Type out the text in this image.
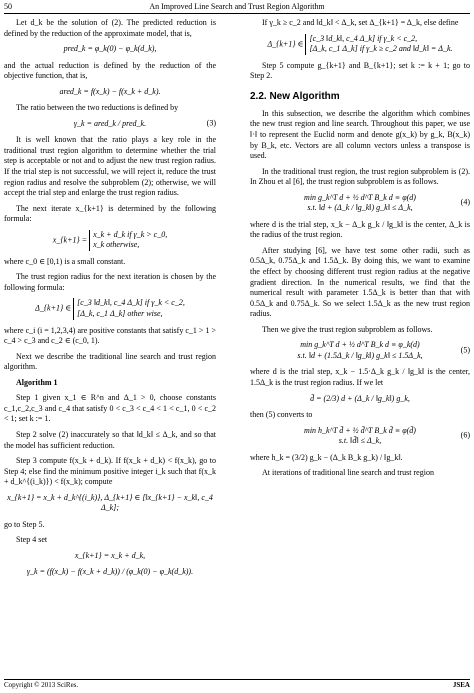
50	An Improved Line Search and Trust Region Algorithm

Let d_k be the solution of (2). The predicted reduction is defined by the reduction of the approximate model, that is,

pred_k = φ_k(0) − φ_k(d_k),

and the actual reduction is defined by the reduction of the objective function, that is,

ared_k = f(x_k) − f(x_k + d_k).

The ratio between the two reductions is defined by

γ_k = ared_k / pred_k.	(3)

It is well known that the ratio plays a key role in the traditional trust region algorithm to determine whether the trial step is acceptable or not and to adjust the new trust region radius. If the trial step is not successful, we will reject it, reduce the trust region radius and resolve the subproblem (2); otherwise, we will accept the trial step and enlarge the trust region radius.

The next iterate x_{k+1} is determined by the following formula:

x_{k+1} =
x_k + d_k if γ_k > c_0,
x_k otherwise,

where c_0 ∈ [0,1) is a small constant.

The trust region radius for the next iteration is chosen by the following formula:

Δ_{k+1} ∈
[c_3 ‖d_k‖, c_4 Δ_k] if γ_k < c_2,
[Δ_k, c_1 Δ_k] other wise,

where c_i (i = 1,2,3,4) are positive constants that satisfy c_1 > 1 > c_4 > c_3 and c_2 ∈ (c_0, 1).

Next we describe the traditional line search and trust region algorithm.

Algorithm 1

Step 1 given x_1 ∈ R^n and Δ_1 > 0, choose constants c_1,c_2,c_3 and c_4 that satisfy 0 < c_3 < c_4 < 1 < c_1, 0 < c_2 < 1; set k := 1.

Step 2 solve (2) inaccurately so that ‖d_k‖ ≤ Δ_k, and so that the model has sufficient reduction.

Step 3 compute f(x_k + d_k). If f(x_k + d_k) < f(x_k), go to Step 4; else find the minimum positive integer i_k such that f(x_k + d_k^{(i_k)}) < f(x_k); compute

x_{k+1} = x_k + d_k^{(i_k)}, Δ_{k+1} ∈ [‖x_{k+1} − x_k‖, c_4 Δ_k];

go to Step 5.

Step 4 set

x_{k+1} = x_k + d_k,
γ_k = (f(x_k) − f(x_k + d_k)) / (φ_k(0) − φ_k(d_k)).

If γ_k ≥ c_2 and ‖d_k‖ < Δ_k, set Δ_{k+1} = Δ_k, else define

Δ_{k+1} ∈
[c_3 ‖d_k‖, c_4 Δ_k] if γ_k < c_2,
[Δ_k, c_1 Δ_k] if γ_k ≥ c_2 and ‖d_k‖ = Δ_k.

Step 5 compute g_{k+1} and B_{k+1}; set k := k + 1; go to Step 2.

2.2. New Algorithm

In this subsection, we describe the algorithm which combines the new trust region and line search. Throughout this paper, we use ‖·‖ to represent the Euclid norm and denote g(x_k) by g_k, B(x_k) by B_k, etc. Vectors are all column vectors unless a transpose is used.

In the traditional trust region, the trust region subproblem is (2). In Zhou et al [6], the trust region subproblem is as follows.

min g_k^T d + ½ d^T B_k d ≡ φ(d)
s.t. ‖d + (Δ_k / ‖g_k‖) g_k‖ ≤ Δ_k,
(4)

where d is the trial step, x_k − Δ_k g_k / ‖g_k‖ is the center, Δ_k is the radius of the trust region.

After studying [6], we have test some other radii, such as 0.5Δ_k, 0.75Δ_k and 1.5Δ_k. By doing this, we want to examine the effect by choosing different trust region radius at the negative gradient direction. In the numerical results, we find that the numerical result with parameter 1.5Δ_k is better than that with 0.5Δ_k and 0.75Δ_k. So we select 1.5Δ_k as the new trust region radius.

Then we give the trust region subproblem as follows.

min g_k^T d + ½ d^T B_k d ≡ φ_k(d)
s.t. ‖d + (1.5Δ_k / ‖g_k‖) g_k‖ ≤ 1.5Δ_k,
(5)

where d is the trial step, x_k − 1.5·Δ_k g_k / ‖g_k‖ is the center, 1.5Δ_k is the trust region radius. If we let

d̄ = (2/3) d + (Δ_k / ‖g_k‖) g_k,

then (5) converts to

min h_k^T d̄ + ½ d̄^T B_k d̄ ≡ φ(d̄)
s.t. ‖d̄‖ ≤ Δ_k,
(6)

where h_k = (3/2) g_k − (Δ_k B_k g_k) / ‖g_k‖.

At iterations of traditional line search and trust region

Copyright © 2013 SciRes.	JSEA
